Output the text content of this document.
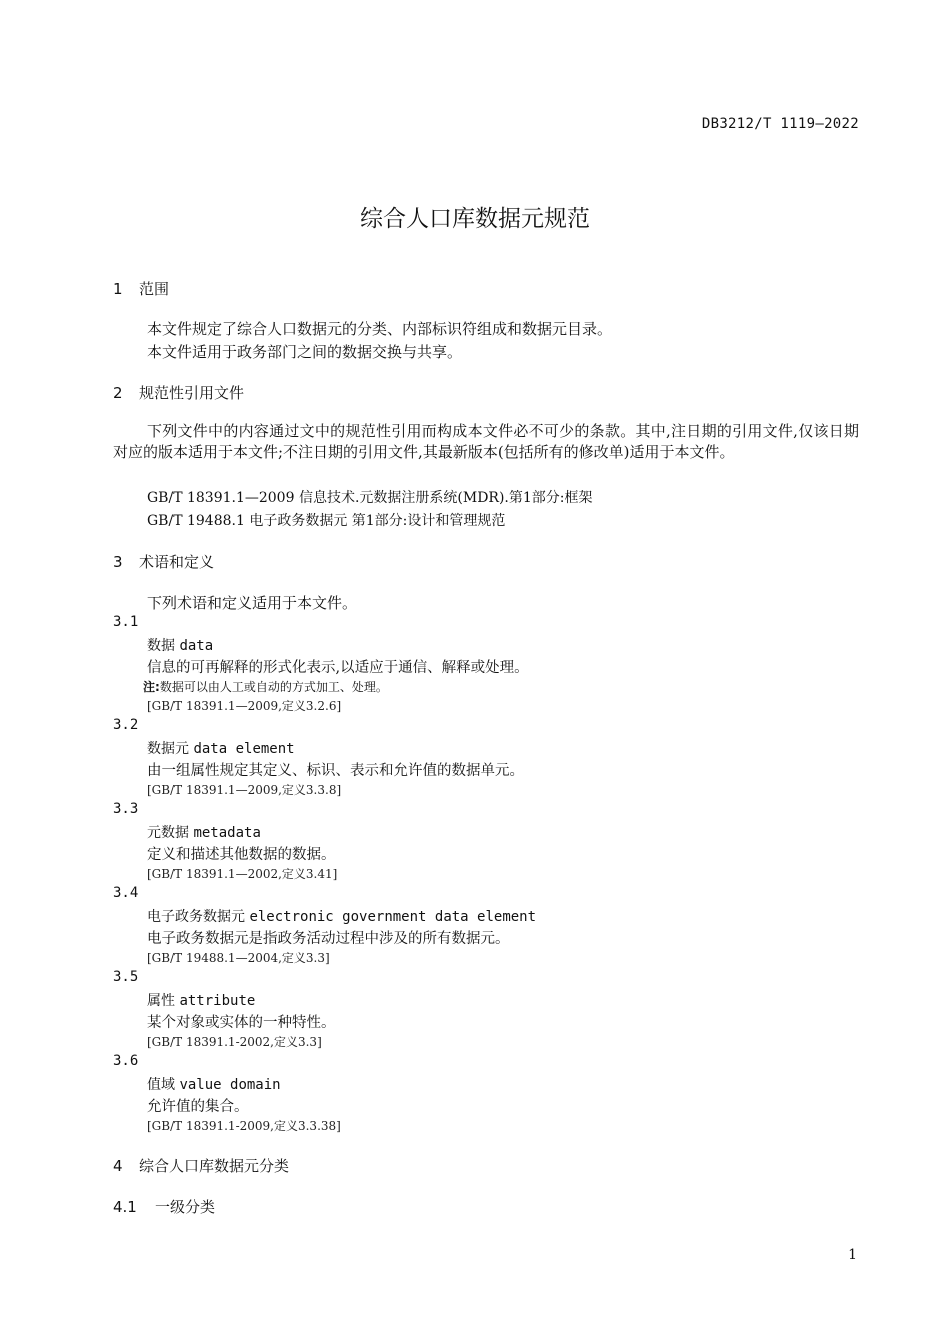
DB3212/T 1119—2022
综合人口库数据元规范
1 范围
本文件规定了综合人口数据元的分类、内部标识符组成和数据元目录。
本文件适用于政务部门之间的数据交换与共享。
2 规范性引用文件
下列文件中的内容通过文中的规范性引用而构成本文件必不可少的条款。其中,注日期的引用文件,仅该日期对应的版本适用于本文件;不注日期的引用文件,其最新版本(包括所有的修改单)适用于本文件。
GB/T 18391.1—2009 信息技术.元数据注册系统(MDR).第1部分:框架
GB/T 19488.1 电子政务数据元 第1部分:设计和管理规范
3 术语和定义
下列术语和定义适用于本文件。
3.1
数据 data
信息的可再解释的形式化表示,以适应于通信、解释或处理。
注:数据可以由人工或自动的方式加工、处理。
[GB/T 18391.1—2009,定义3.2.6]
3.2
数据元 data element
由一组属性规定其定义、标识、表示和允许值的数据单元。
[GB/T 18391.1—2009,定义3.3.8]
3.3
元数据 metadata
定义和描述其他数据的数据。
[GB/T 18391.1—2002,定义3.41]
3.4
电子政务数据元 electronic government data element
电子政务数据元是指政务活动过程中涉及的所有数据元。
[GB/T 19488.1—2004,定义3.3]
3.5
属性 attribute
某个对象或实体的一种特性。
[GB/T 18391.1-2002,定义3.3]
3.6
值域 value domain
允许值的集合。
[GB/T 18391.1-2009,定义3.3.38]
4 综合人口库数据元分类
4.1 一级分类
1
